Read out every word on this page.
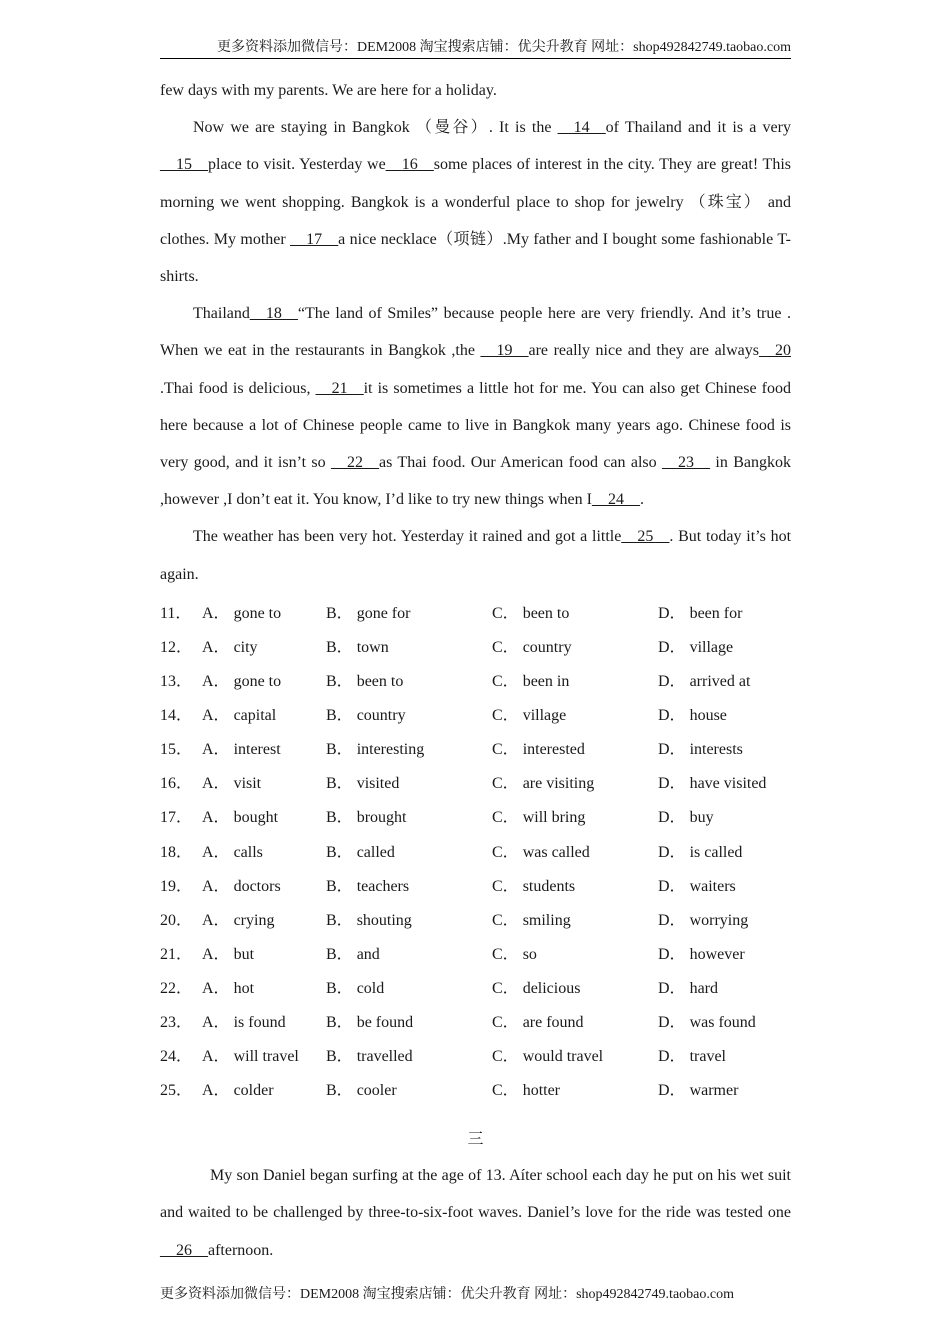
更多资料添加微信号：DEM2008 淘宝搜索店铺：优尖升教育 网址：shop492842749.taobao.com

few days with my parents. We are here for a holiday.

Now we are staying in Bangkok （曼谷）. It is the __14__of Thailand and it is a very __15__place to visit. Yesterday we__16__some places of interest in the city. They are great! This morning we went shopping. Bangkok is a wonderful place to shop for jewelry （珠宝） and clothes. My mother __17__a nice necklace（项链）.My father and I bought some fashionable T-shirts.

Thailand__18__“The land of Smiles” because people here are very friendly. And it’s true . When we eat in the restaurants in Bangkok ,the __19__are really nice and they are always__20 .Thai food is delicious, __21__it is sometimes a little hot for me. You can also get Chinese food here because a lot of Chinese people came to live in Bangkok many years ago. Chinese food is very good, and it isn’t so __22__as Thai food. Our American food can also __23__ in Bangkok ,however ,I don’t eat it. You know, I’d like to try new things when I__24__.

The weather has been very hot. Yesterday it rained and got a little__25__. But today it’s hot again.

11． A． gone to	B． gone for	C． been to	D． been for
12． A． city	B． town	C． country	D． village
13． A． gone to	B． been to	C． been in	D． arrived at
14． A． capital	B． country	C． village	D． house
15． A． interest	B． interesting	C． interested	D． interests
16． A． visit	B． visited	C． are visiting	D． have visited
17． A． bought	B． brought	C． will bring	D． buy
18． A． calls	B． called	C． was called	D． is called
19． A． doctors	B． teachers	C． students	D． waiters
20． A． crying	B． shouting	C． smiling	D． worrying
21． A． but	B． and	C． so	D． however
22． A． hot	B． cold	C． delicious	D． hard
23． A． is found	B． be found	C． are found	D． was found
24． A． will travel	B． travelled	C． would travel	D． travel
25． A． colder	B． cooler	C． hotter	D． warmer
三

My son Daniel began surfing at the age of 13. Aíter school each day he put on his wet suit and waited to be challenged by three-to-six-foot waves. Daniel’s love for the ride was tested one __26__afternoon.

更多资料添加微信号：DEM2008 淘宝搜索店铺：优尖升教育 网址：shop492842749.taobao.com
